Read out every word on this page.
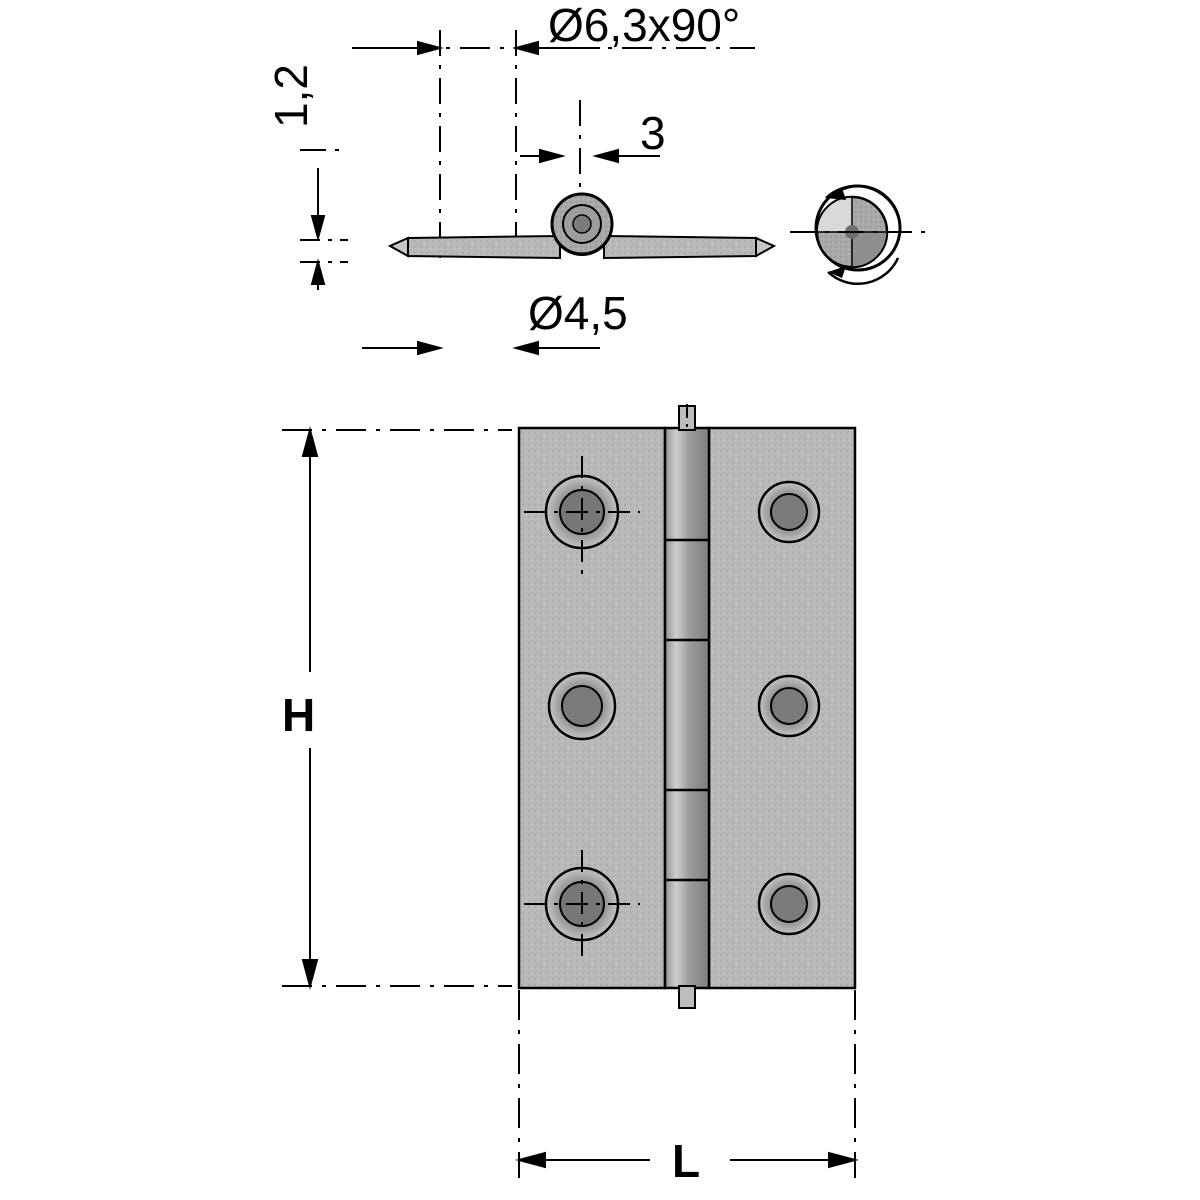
Ø6,3x90°
3
Ø4,5
1,2
H
L
